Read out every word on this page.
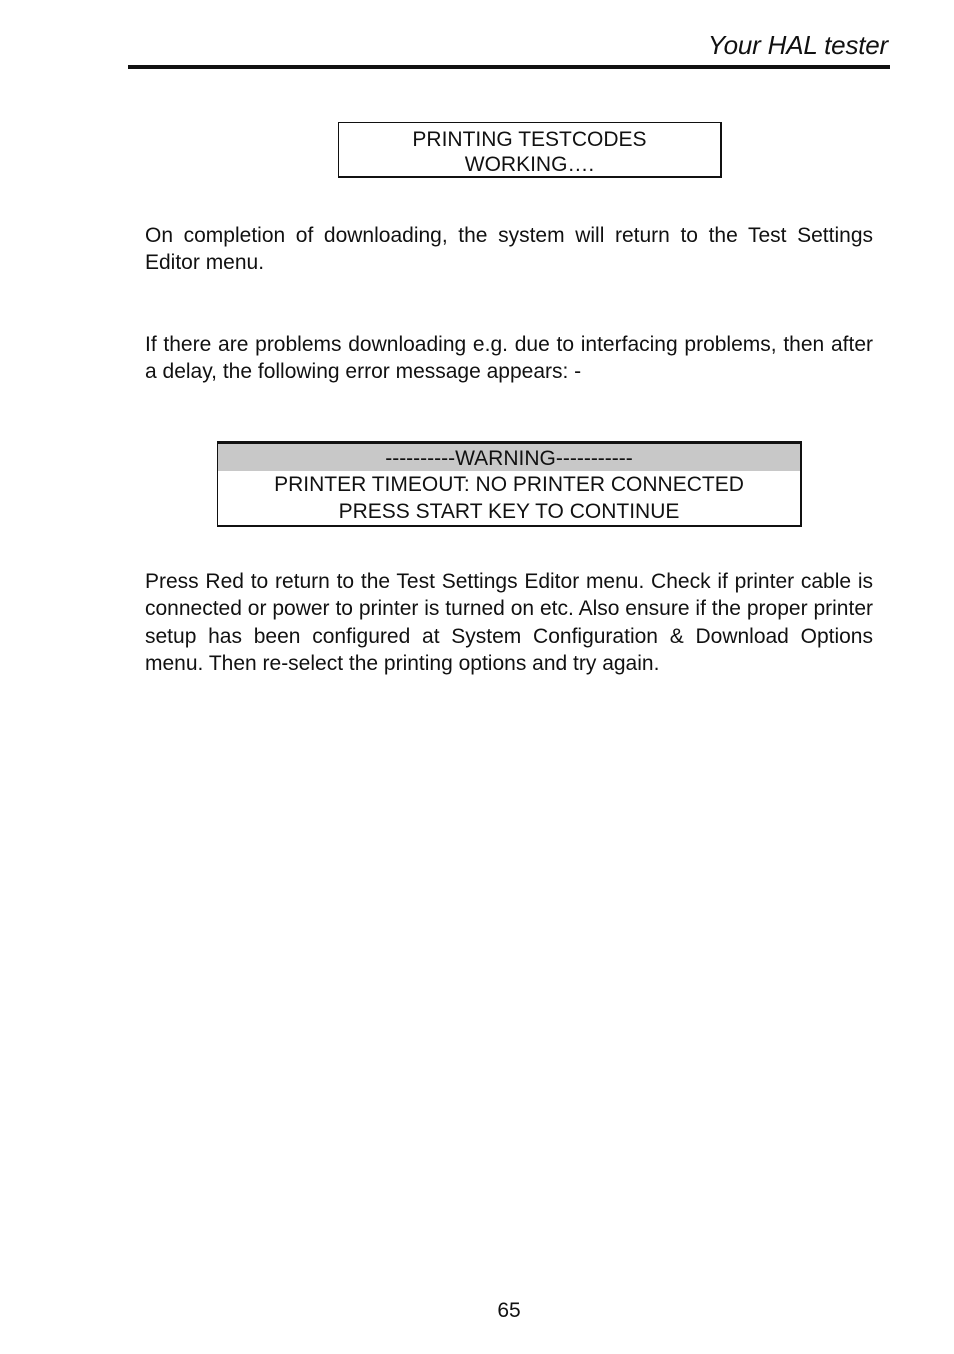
Your HAL tester
PRINTING TESTCODES
WORKING….

On completion of downloading, the system will return to the Test Settings Editor menu.

If there are problems downloading e.g. due to interfacing problems, then after a delay, the following error message appears: -

----------WARNING-----------
PRINTER TIMEOUT: NO PRINTER CONNECTED
PRESS START KEY TO CONTINUE

Press Red to return to the Test Settings Editor menu. Check if printer cable is connected or power to printer is turned on etc. Also ensure if the proper printer setup has been configured at System Configuration & Download Options menu. Then re-select the printing options and try again.

65
